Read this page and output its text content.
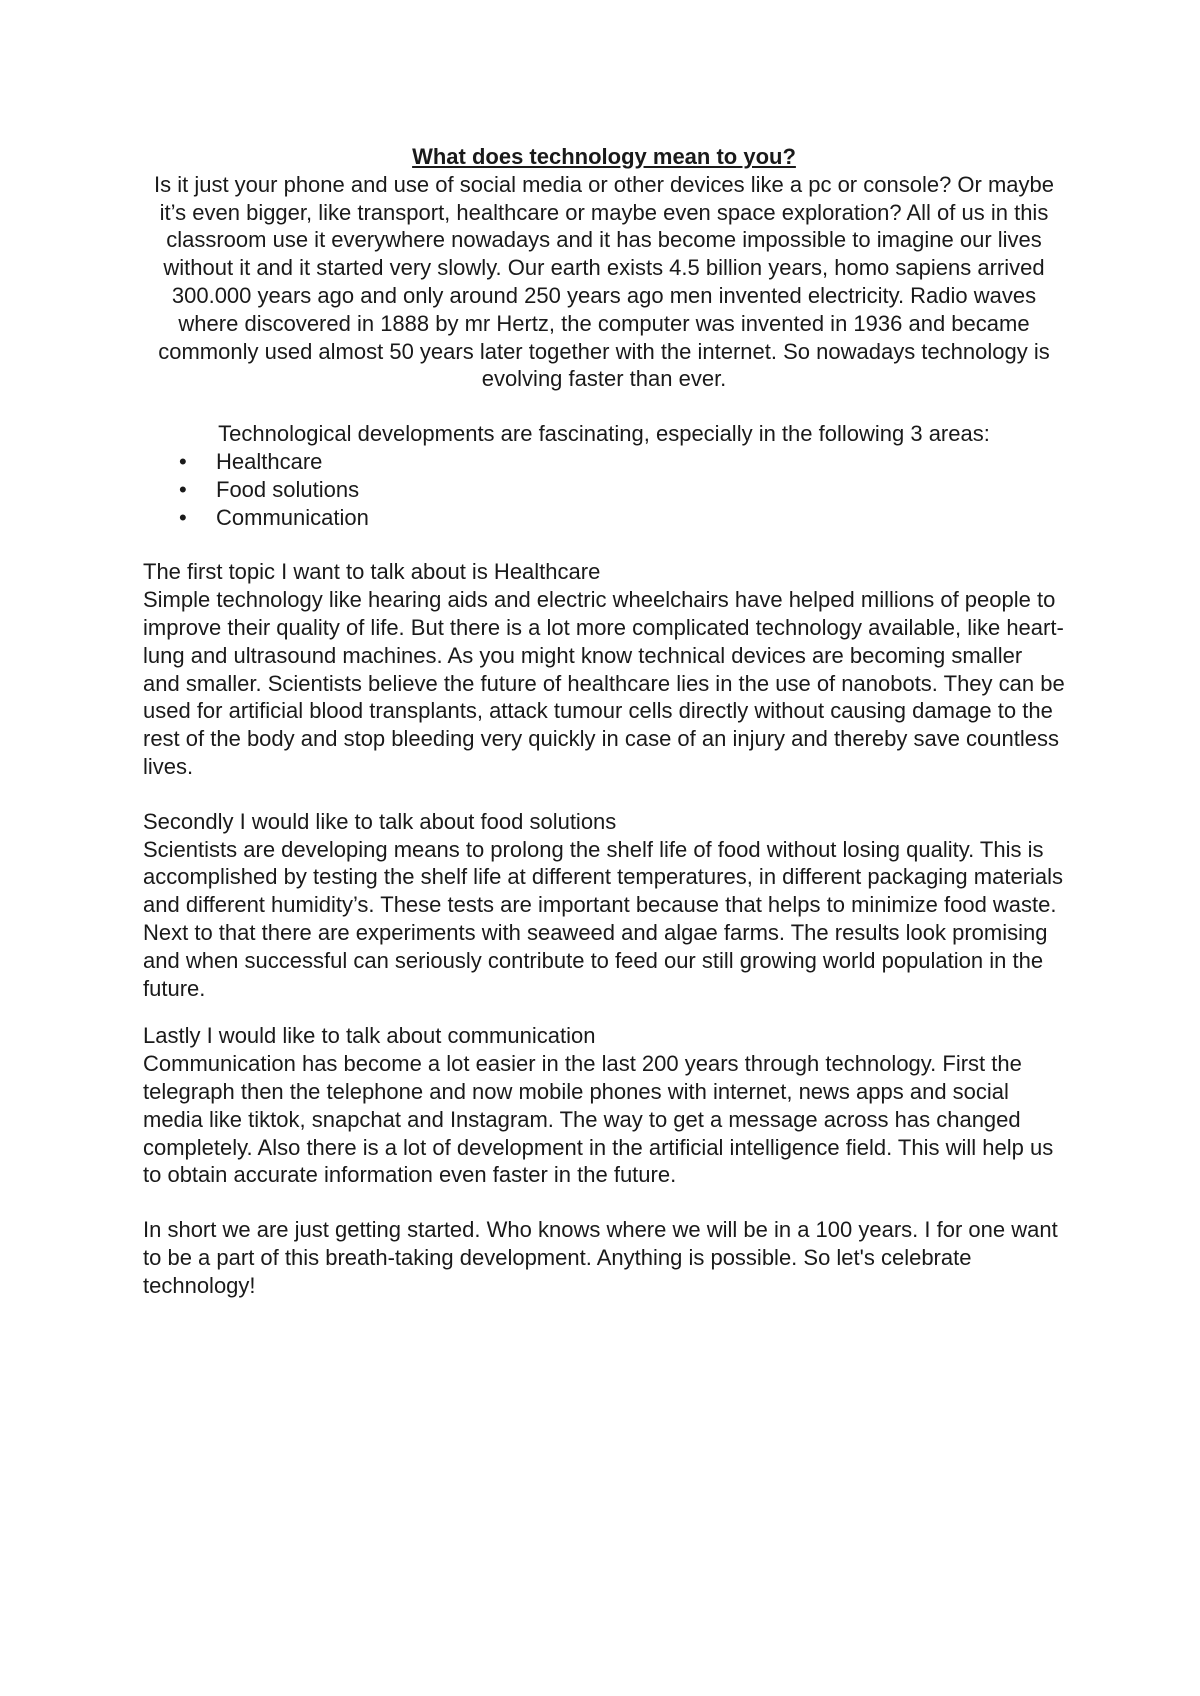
What does technology mean to you?

Is it just your phone and use of social media or other devices like a pc or console? Or maybe it’s even bigger, like transport, healthcare or maybe even space exploration? All of us in this classroom use it everywhere nowadays and it has become impossible to imagine our lives without it and it started very slowly. Our earth exists 4.5 billion years, homo sapiens arrived 300.000 years ago and only around 250 years ago men invented electricity. Radio waves where discovered in 1888 by mr Hertz, the computer was invented in 1936 and became commonly used almost 50 years later together with the internet. So nowadays technology is evolving faster than ever.

Technological developments are fascinating, especially in the following 3 areas:

• Healthcare
• Food solutions
• Communication

The first topic I want to talk about is Healthcare

Simple technology like hearing aids and electric wheelchairs have helped millions of people to improve their quality of life. But there is a lot more complicated technology available, like heart-lung and ultrasound machines. As you might know technical devices are becoming smaller and smaller. Scientists believe the future of healthcare lies in the use of nanobots. They can be used for artificial blood transplants, attack tumour cells directly without causing damage to the rest of the body and stop bleeding very quickly in case of an injury and thereby save countless lives.

Secondly I would like to talk about food solutions

Scientists are developing means to prolong the shelf life of food without losing quality. This is accomplished by testing the shelf life at different temperatures, in different packaging materials and different humidity’s. These tests are important because that helps to minimize food waste. Next to that there are experiments with seaweed and algae farms. The results look promising and when successful can seriously contribute to feed our still growing world population in the future.

Lastly I would like to talk about communication

Communication has become a lot easier in the last 200 years through technology. First the telegraph then the telephone and now mobile phones with internet, news apps and social media like tiktok, snapchat and Instagram. The way to get a message across has changed completely. Also there is a lot of development in the artificial intelligence field. This will help us to obtain accurate information even faster in the future.

In short we are just getting started. Who knows where we will be in a 100 years. I for one want to be a part of this breath-taking development. Anything is possible. So let's celebrate technology!
